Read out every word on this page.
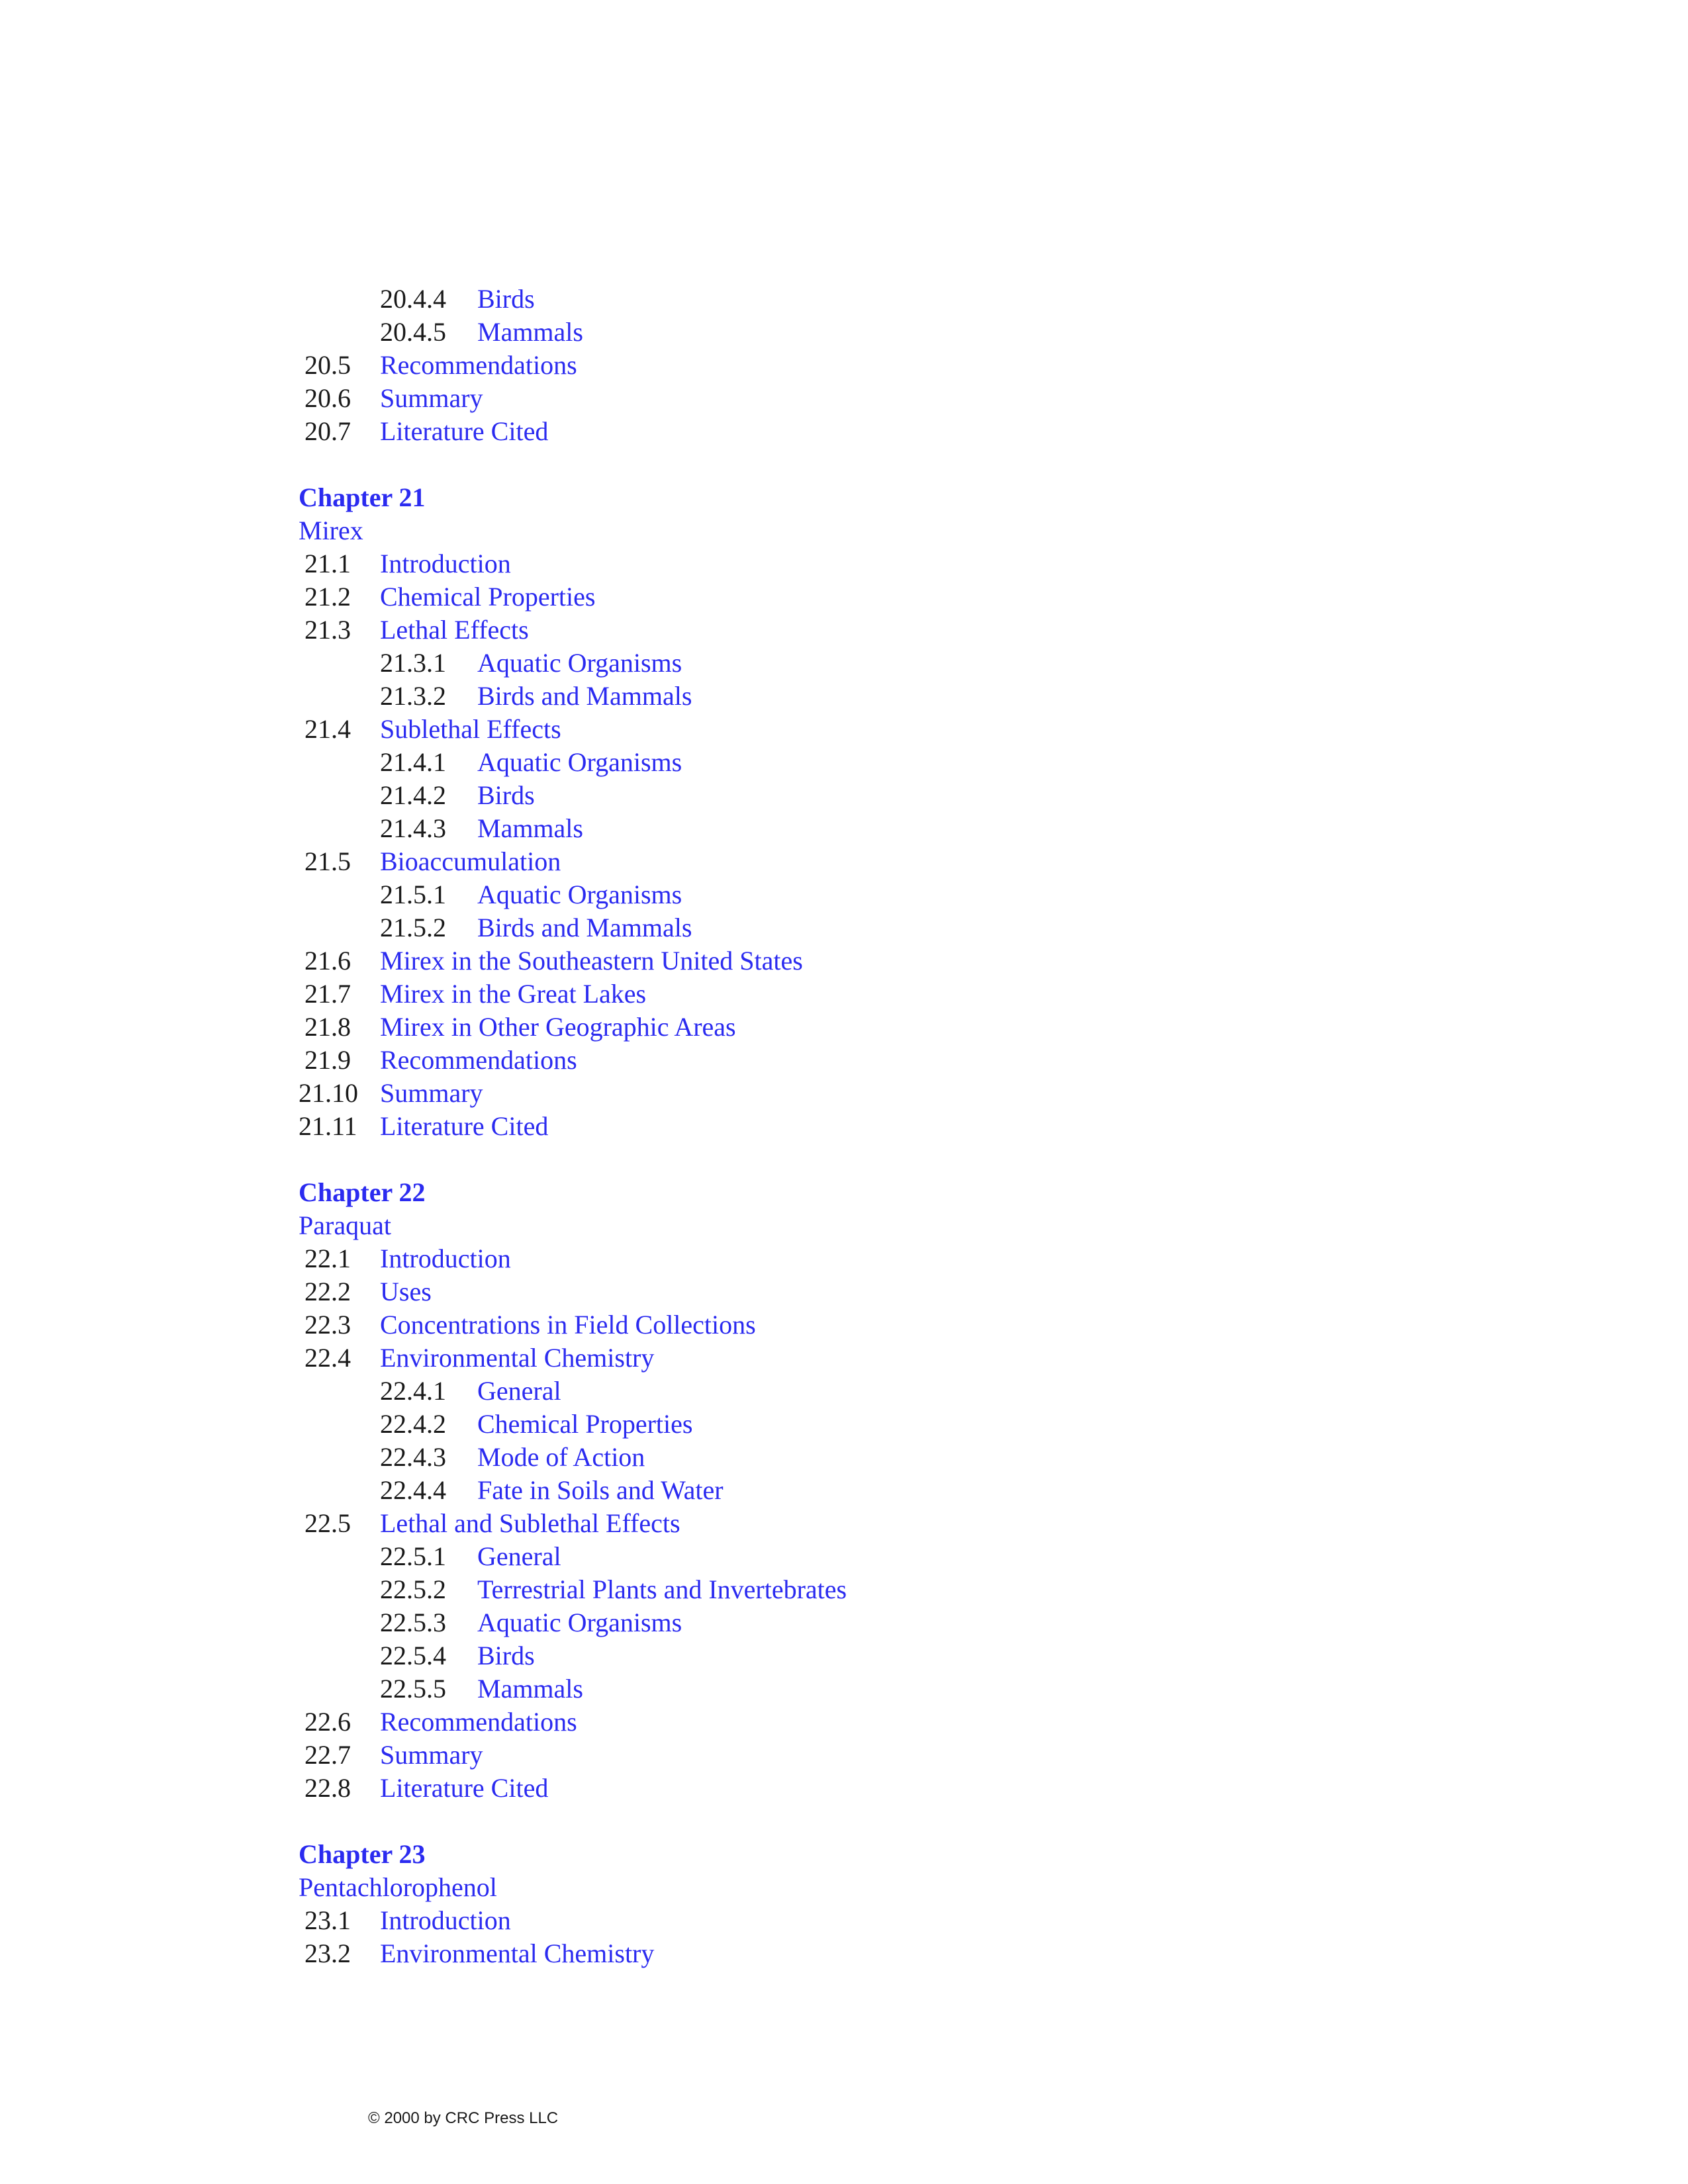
20.4.4 Birds
20.4.5 Mammals
20.5 Recommendations
20.6 Summary
20.7 Literature Cited
Chapter 21
Mirex
21.1 Introduction
21.2 Chemical Properties
21.3 Lethal Effects
21.3.1 Aquatic Organisms
21.3.2 Birds and Mammals
21.4 Sublethal Effects
21.4.1 Aquatic Organisms
21.4.2 Birds
21.4.3 Mammals
21.5 Bioaccumulation
21.5.1 Aquatic Organisms
21.5.2 Birds and Mammals
21.6 Mirex in the Southeastern United States
21.7 Mirex in the Great Lakes
21.8 Mirex in Other Geographic Areas
21.9 Recommendations
21.10 Summary
21.11 Literature Cited
Chapter 22
Paraquat
22.1 Introduction
22.2 Uses
22.3 Concentrations in Field Collections
22.4 Environmental Chemistry
22.4.1 General
22.4.2 Chemical Properties
22.4.3 Mode of Action
22.4.4 Fate in Soils and Water
22.5 Lethal and Sublethal Effects
22.5.1 General
22.5.2 Terrestrial Plants and Invertebrates
22.5.3 Aquatic Organisms
22.5.4 Birds
22.5.5 Mammals
22.6 Recommendations
22.7 Summary
22.8 Literature Cited
Chapter 23
Pentachlorophenol
23.1 Introduction
23.2 Environmental Chemistry
© 2000 by CRC Press LLC
